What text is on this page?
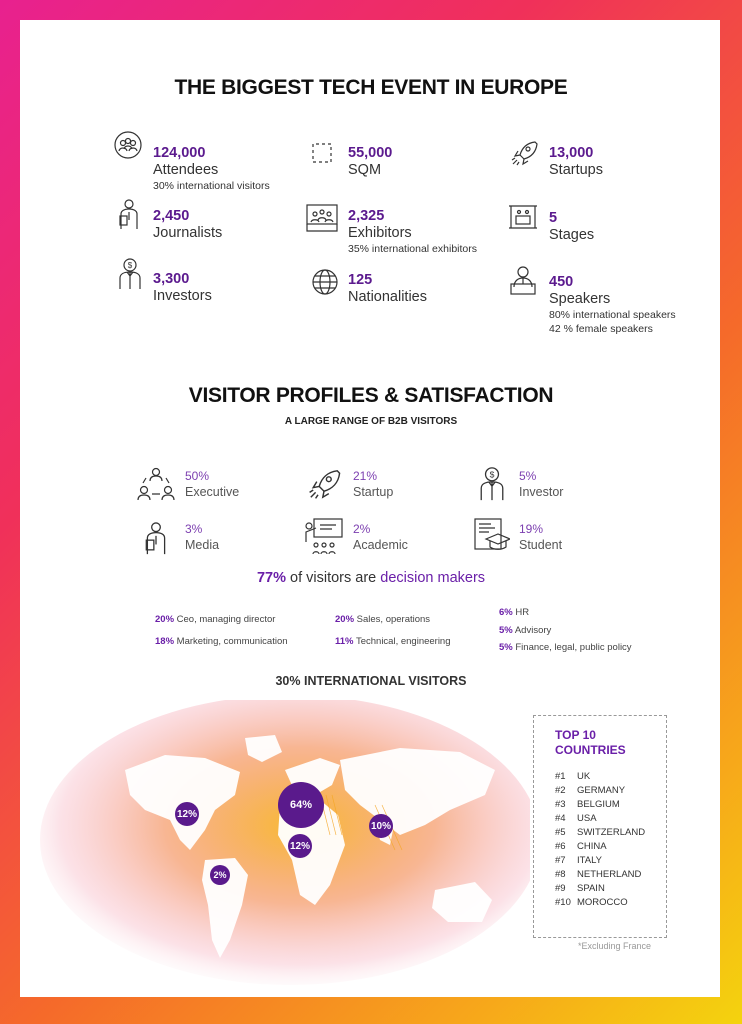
THE BIGGEST TECH EVENT IN EUROPE
124,000
Attendees
30% international visitors
55,000
SQM
13,000
Startups
2,450
Journalists
2,325
Exhibitors
35% international exhibitors
5
Stages
$
3,300
Investors
125
Nationalities
450
Speakers
80% international speakers
42 % female speakers
VISITOR PROFILES & SATISFACTION
A LARGE RANGE OF B2B VISITORS
50%
Executive
21%
Startup
$ 5%
Investor
3%
Media
2%
Academic
19%
Student
77% of visitors are decision makers
20% Ceo, managing director
18% Marketing, communication
20% Sales, operations
11% Technical, engineering
6% HR
5% Advisory
5% Finance, legal, public policy
30% INTERNATIONAL VISITORS
12%
64%
12%
10%
2%
TOP 10
COUNTRIES
#1 UK
#2 GERMANY
#3 BELGIUM
#4 USA
#5 SWITZERLAND
#6 CHINA
#7 ITALY
#8 NETHERLAND
#9 SPAIN
#10 MOROCCO
*Excluding France
